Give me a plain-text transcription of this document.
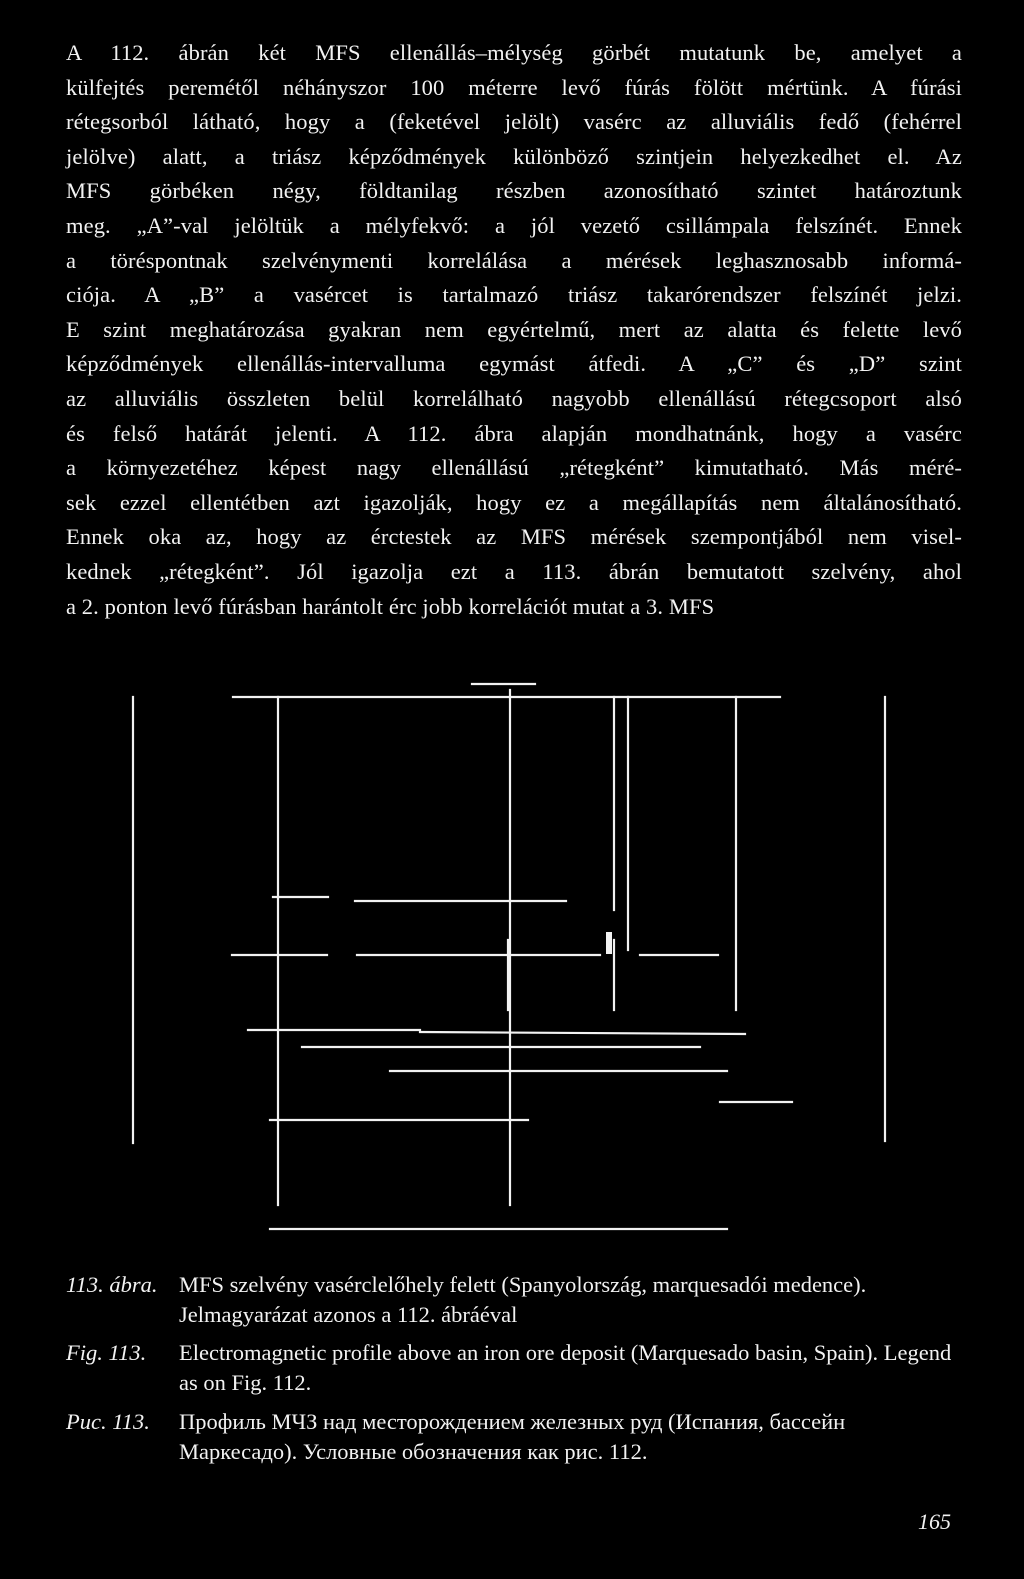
A 112. ábrán két MFS ellenállás–mélység görbét mutatunk be, amelyet a
külfejtés peremétől néhányszor 100 méterre levő fúrás fölött mértünk. A fúrási
rétegsorból látható, hogy a (feketével jelölt) vasérc az alluviális fedő (fehérrel
jelölve) alatt, a triász képződmények különböző szintjein helyezkedhet el. Az
MFS görbéken négy, földtanilag részben azonosítható szintet határoztunk
meg. „A”-val jelöltük a mélyfekvő: a jól vezető csillámpala felszínét. Ennek
a töréspontnak szelvénymenti korrelálása a mérések leghasznosabb informá-
ciója. A „B” a vasércet is tartalmazó triász takarórendszer felszínét jelzi.
E szint meghatározása gyakran nem egyértelmű, mert az alatta és felette levő
képződmények ellenállás-intervalluma egymást átfedi. A „C” és „D” szint
az alluviális összleten belül korrelálható nagyobb ellenállású rétegcsoport alsó
és felső határát jelenti. A 112. ábra alapján mondhatnánk, hogy a vasérc
a környezetéhez képest nagy ellenállású „rétegként” kimutatható. Más méré-
sek ezzel ellentétben azt igazolják, hogy ez a megállapítás nem általánosítható.
Ennek oka az, hogy az érctestek az MFS mérések szempontjából nem visel-
kednek „rétegként”. Jól igazolja ezt a 113. ábrán bemutatott szelvény, ahol
a 2. ponton levő fúrásban harántolt érc jobb korrelációt mutat a 3. MFS
113. ábra. MFS szelvény vasérclelőhely felett (Spanyolország, marquesadói medence). Jelmagyarázat azonos a 112. ábráéval
Fig. 113. Electromagnetic profile above an iron ore deposit (Marquesado basin, Spain). Legend as on Fig. 112.
Рис. 113. Профиль МЧЗ над месторождением железных руд (Испания, бассейн Маркесадо). Условные обозначения как рис. 112.
165
